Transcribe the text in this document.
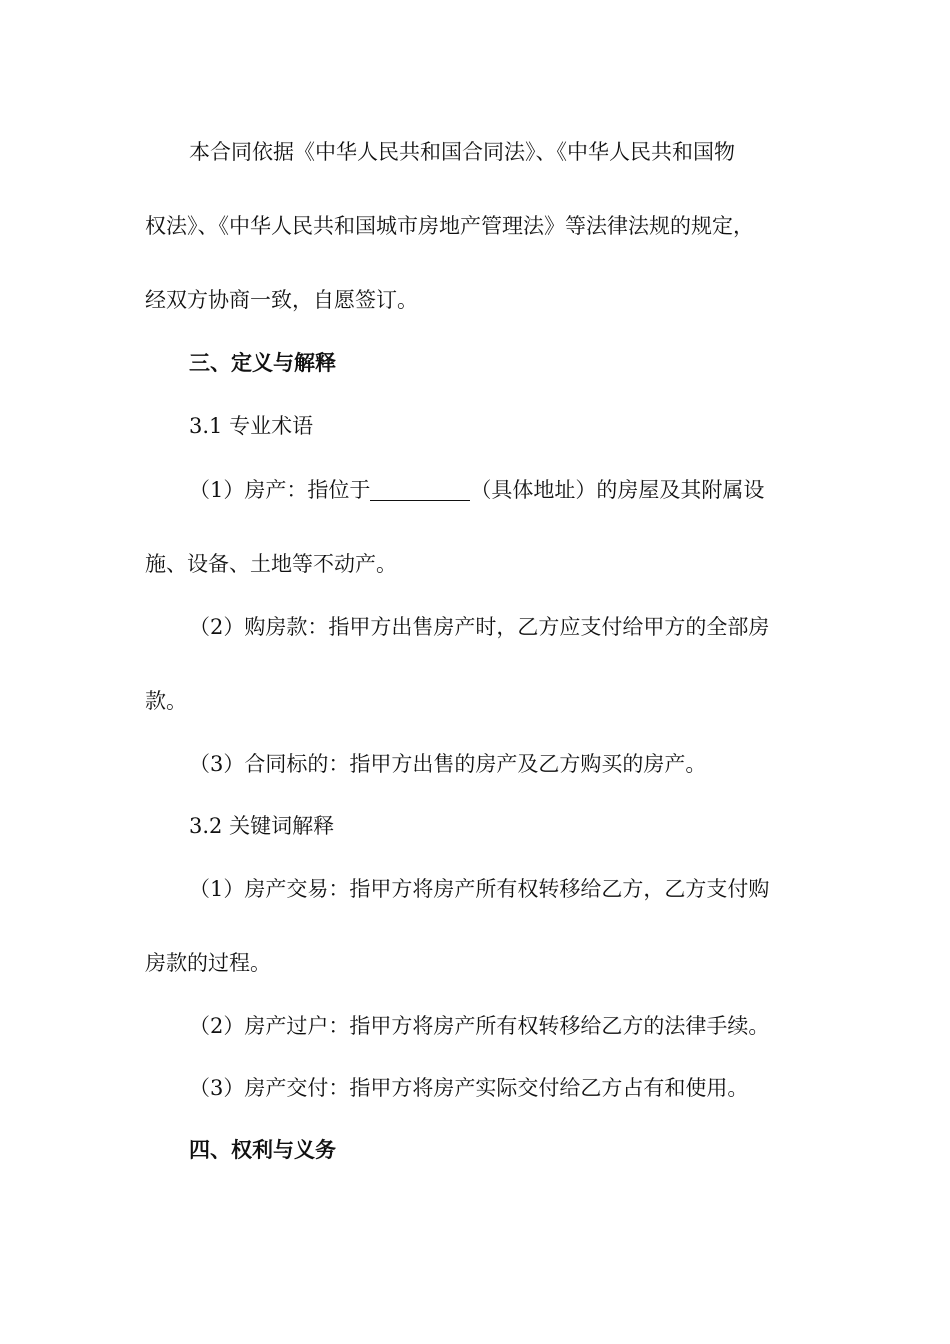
本合同依据《中华人民共和国合同法》、《中华人民共和国物
权法》、《中华人民共和国城市房地产管理法》等法律法规的规定，
经双方协商一致，自愿签订。
三、定义与解释
3.1 专业术语
（1）房产：指位于	（具体地址）的房屋及其附属设
施、设备、土地等不动产。
（2）购房款：指甲方出售房产时，乙方应支付给甲方的全部房
款。
（3）合同标的：指甲方出售的房产及乙方购买的房产。
3.2 关键词解释
（1）房产交易：指甲方将房产所有权转移给乙方，乙方支付购
房款的过程。
（2）房产过户：指甲方将房产所有权转移给乙方的法律手续。
（3）房产交付：指甲方将房产实际交付给乙方占有和使用。
四、权利与义务
